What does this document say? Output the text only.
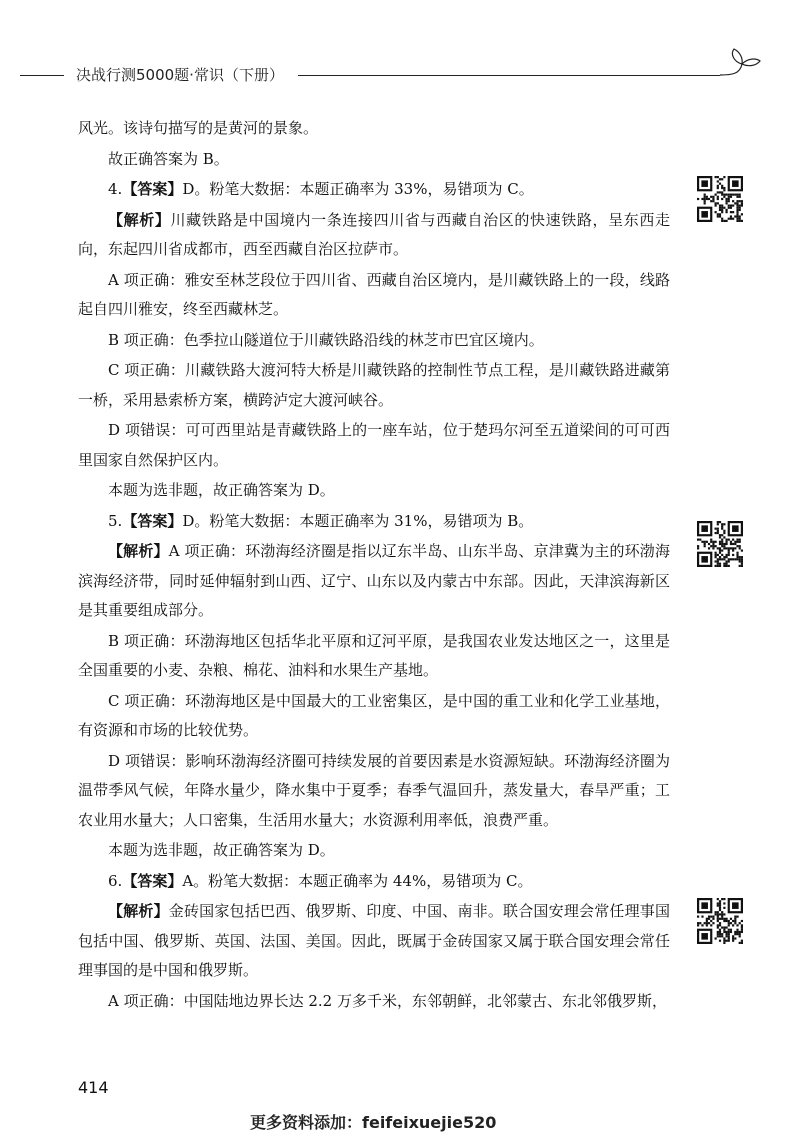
决战行测5000题·常识（下册）

风光。该诗句描写的是黄河的景象。

故正确答案为 B。

4.【答案】D。粉笔大数据：本题正确率为 33%，易错项为 C。

【解析】川藏铁路是中国境内一条连接四川省与西藏自治区的快速铁路，呈东西走向，东起四川省成都市，西至西藏自治区拉萨市。

A 项正确：雅安至林芝段位于四川省、西藏自治区境内，是川藏铁路上的一段，线路起自四川雅安，终至西藏林芝。

B 项正确：色季拉山隧道位于川藏铁路沿线的林芝市巴宜区境内。

C 项正确：川藏铁路大渡河特大桥是川藏铁路的控制性节点工程，是川藏铁路进藏第一桥，采用悬索桥方案，横跨泸定大渡河峡谷。

D 项错误：可可西里站是青藏铁路上的一座车站，位于楚玛尔河至五道梁间的可可西里国家自然保护区内。

本题为选非题，故正确答案为 D。

5.【答案】D。粉笔大数据：本题正确率为 31%，易错项为 B。

【解析】A 项正确：环渤海经济圈是指以辽东半岛、山东半岛、京津冀为主的环渤海滨海经济带，同时延伸辐射到山西、辽宁、山东以及内蒙古中东部。因此，天津滨海新区是其重要组成部分。

B 项正确：环渤海地区包括华北平原和辽河平原，是我国农业发达地区之一，这里是全国重要的小麦、杂粮、棉花、油料和水果生产基地。

C 项正确：环渤海地区是中国最大的工业密集区，是中国的重工业和化学工业基地，有资源和市场的比较优势。

D 项错误：影响环渤海经济圈可持续发展的首要因素是水资源短缺。环渤海经济圈为温带季风气候，年降水量少，降水集中于夏季；春季气温回升，蒸发量大，春旱严重；工农业用水量大；人口密集，生活用水量大；水资源利用率低，浪费严重。

本题为选非题，故正确答案为 D。

6.【答案】A。粉笔大数据：本题正确率为 44%，易错项为 C。

【解析】金砖国家包括巴西、俄罗斯、印度、中国、南非。联合国安理会常任理事国包括中国、俄罗斯、英国、法国、美国。因此，既属于金砖国家又属于联合国安理会常任理事国的是中国和俄罗斯。

A 项正确：中国陆地边界长达 2.2 万多千米，东邻朝鲜，北邻蒙古、东北邻俄罗斯，

414
更多资料添加：feifeixuejie520
